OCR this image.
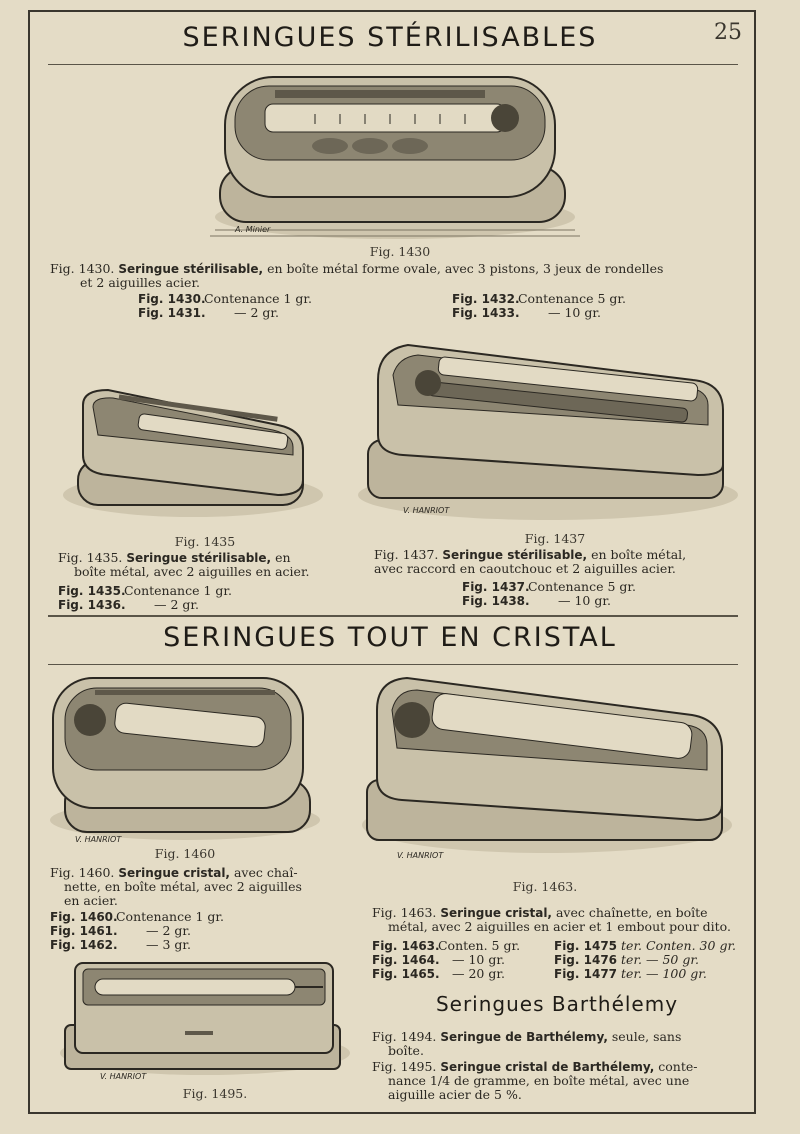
SERINGUES STÉRILISABLES	25
A. Minier
Fig. 1430
Fig. 1430. Seringue stérilisable, en boîte métal forme ovale, avec 3 pistons, 3 jeux de rondelles
et 2 aiguilles acier.
Fig. 1430. Contenance 1 gr.
Fig. 1431. — 2 gr.
Fig. 1432. Contenance 5 gr.
Fig. 1433. — 10 gr.
Fig. 1435
V. HANRIOT
Fig. 1437
Fig. 1435. Seringue stérilisable, en
boîte métal, avec 2 aiguilles en acier.
Fig. 1435. Contenance 1 gr.
Fig. 1436. — 2 gr.
Fig. 1437. Seringue stérilisable, en boîte métal,
avec raccord en caoutchouc et 2 aiguilles acier.
Fig. 1437. Contenance 5 gr.
Fig. 1438. — 10 gr.
SERINGUES TOUT EN CRISTAL
V. HANRIOT
Fig. 1460	V. HANRIOT
Fig. 1463.
Fig. 1460. Seringue cristal, avec chaî-
nette, en boîte métal, avec 2 aiguilles
en acier.
Fig. 1460. Contenance 1 gr.
Fig. 1461. — 2 gr.
Fig. 1462. — 3 gr.
Fig. 1463. Seringue cristal, avec chaînette, en boîte
métal, avec 2 aiguilles en acier et 1 embout pour dito.
Fig. 1463. Conten. 5 gr.
Fig. 1464. — 10 gr.
Fig. 1465. — 20 gr.
Fig. 1475 ter. Conten. 30 gr.
Fig. 1476 ter. — 50 gr.
Fig. 1477 ter. — 100 gr.
V. HANRIOT
Fig. 1495.
Seringues Barthélemy
Fig. 1494. Seringue de Barthélemy, seule, sans
boîte.
Fig. 1495. Seringue cristal de Barthélemy, conte-
nance 1/4 de gramme, en boîte métal, avec une
aiguille acier de 5 %.
